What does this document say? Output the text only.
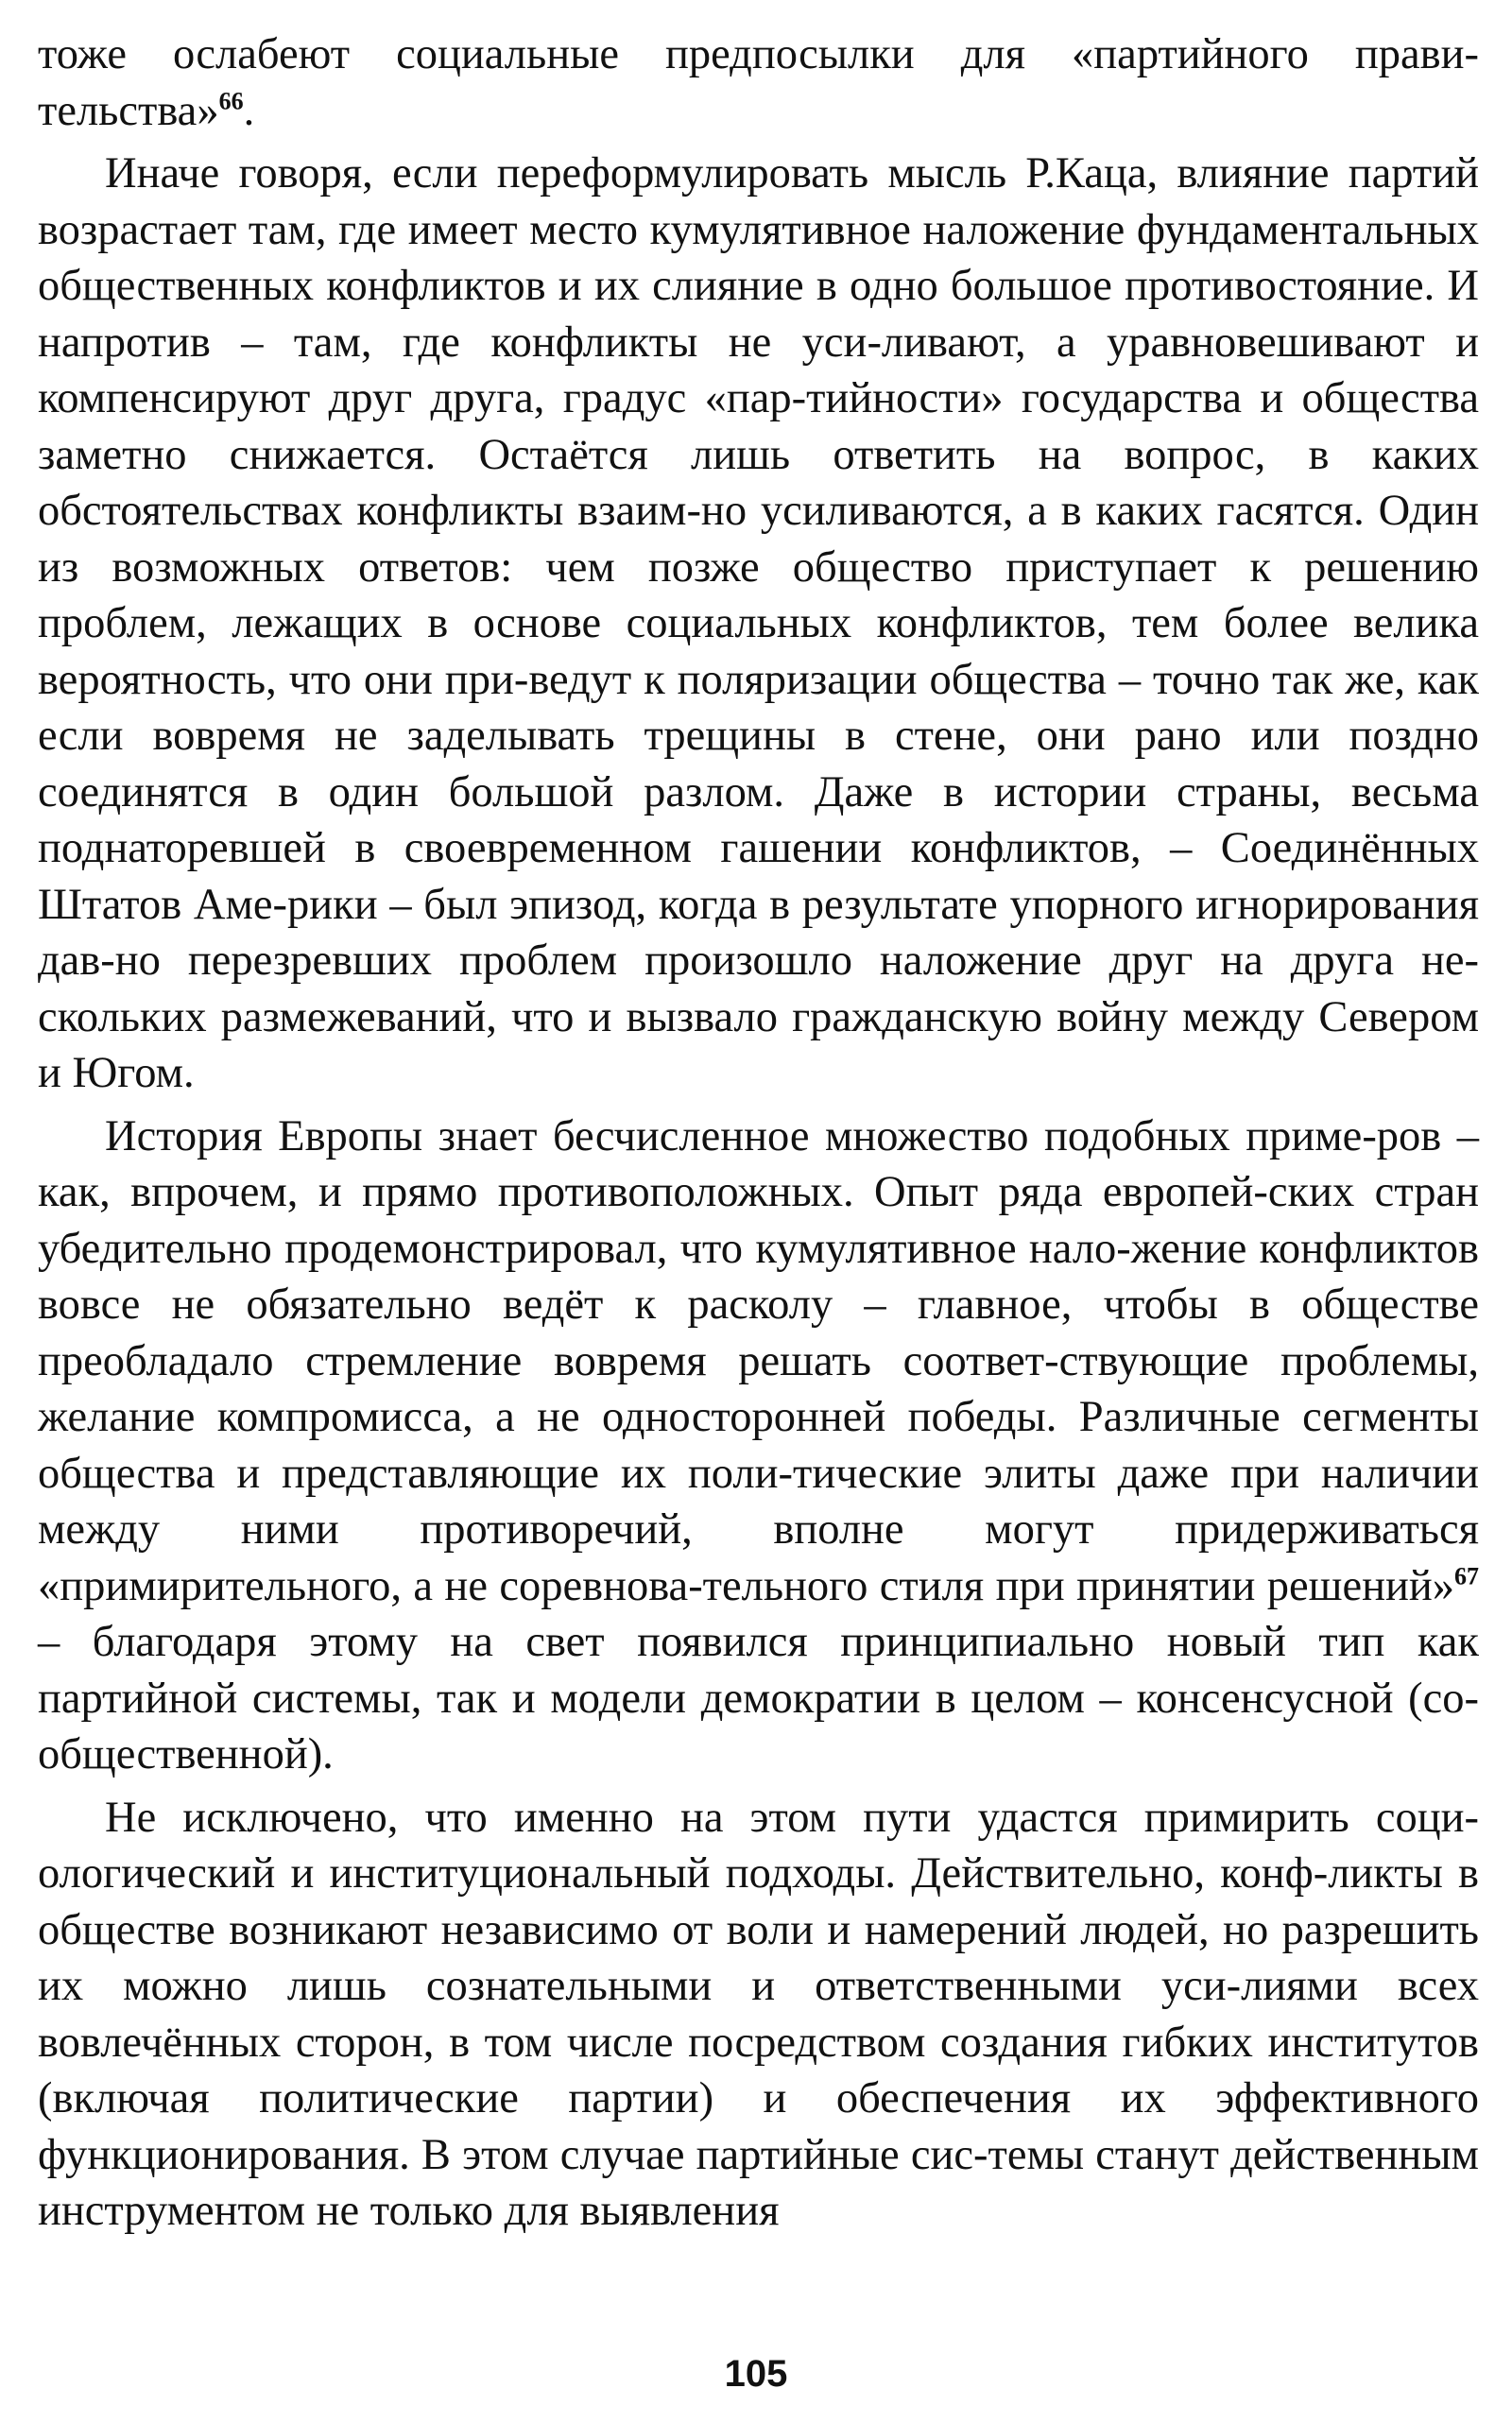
тоже ослабеют социальные предпосылки для «партийного прави-тельства»$^{66}$.

Иначе говоря, если переформулировать мысль Р.Каца, влияние партий возрастает там, где имеет место кумулятивное наложение фундаментальных общественных конфликтов и их слияние в одно большое противостояние. И напротив – там, где конфликты не уси-ливают, а уравновешивают и компенсируют друг друга, градус «пар-тийности» государства и общества заметно снижается. Остаётся лишь ответить на вопрос, в каких обстоятельствах конфликты взаим-но усиливаются, а в каких гасятся. Один из возможных ответов: чем позже общество приступает к решению проблем, лежащих в основе социальных конфликтов, тем более велика вероятность, что они при-ведут к поляризации общества – точно так же, как если вовремя не заделывать трещины в стене, они рано или поздно соединятся в один большой разлом. Даже в истории страны, весьма поднаторевшей в своевременном гашении конфликтов, – Соединённых Штатов Аме-рики – был эпизод, когда в результате упорного игнорирования дав-но перезревших проблем произошло наложение друг на друга не-скольких размежеваний, что и вызвало гражданскую войну между Севером и Югом.

История Европы знает бесчисленное множество подобных приме-ров – как, впрочем, и прямо противоположных. Опыт ряда европей-ских стран убедительно продемонстрировал, что кумулятивное нало-жение конфликтов вовсе не обязательно ведёт к расколу – главное, чтобы в обществе преобладало стремление вовремя решать соответ-ствующие проблемы, желание компромисса, а не односторонней победы. Различные сегменты общества и представляющие их поли-тические элиты даже при наличии между ними противоречий, вполне могут придерживаться «примирительного, а не соревнова-тельного стиля при принятии решений»$^{67}$ – благодаря этому на свет появился принципиально новый тип как партийной системы, так и модели демократии в целом – консенсусной (со-общественной).

Не исключено, что именно на этом пути удастся примирить соци-ологический и институциональный подходы. Действительно, конф-ликты в обществе возникают независимо от воли и намерений людей, но разрешить их можно лишь сознательными и ответственными уси-лиями всех вовлечённых сторон, в том числе посредством создания гибких институтов (включая политические партии) и обеспечения их эффективного функционирования. В этом случае партийные сис-темы станут действенным инструментом не только для выявления

105
